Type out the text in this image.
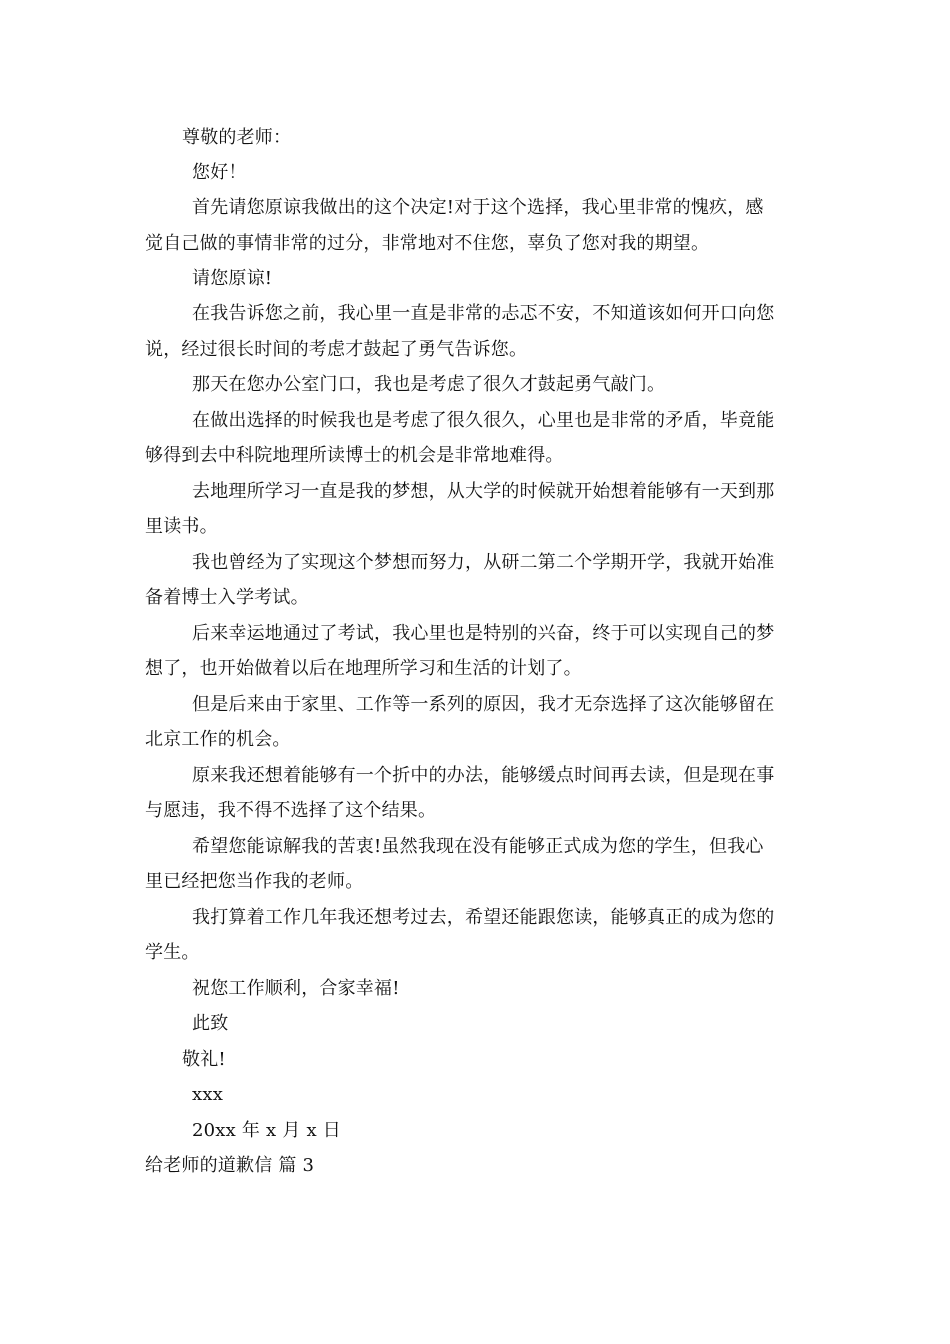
尊敬的老师：
您好！
首先请您原谅我做出的这个决定!对于这个选择，我心里非常的愧疚，感
觉自己做的事情非常的过分，非常地对不住您，辜负了您对我的期望。
请您原谅!
在我告诉您之前，我心里一直是非常的忐忑不安，不知道该如何开口向您
说，经过很长时间的考虑才鼓起了勇气告诉您。
那天在您办公室门口，我也是考虑了很久才鼓起勇气敲门。
在做出选择的时候我也是考虑了很久很久，心里也是非常的矛盾，毕竟能
够得到去中科院地理所读博士的机会是非常地难得。
去地理所学习一直是我的梦想，从大学的时候就开始想着能够有一天到那
里读书。
我也曾经为了实现这个梦想而努力，从研二第二个学期开学，我就开始准
备着博士入学考试。
后来幸运地通过了考试，我心里也是特别的兴奋，终于可以实现自己的梦
想了，也开始做着以后在地理所学习和生活的计划了。
但是后来由于家里、工作等一系列的原因，我才无奈选择了这次能够留在
北京工作的机会。
原来我还想着能够有一个折中的办法，能够缓点时间再去读，但是现在事
与愿违，我不得不选择了这个结果。
希望您能谅解我的苦衷!虽然我现在没有能够正式成为您的学生，但我心
里已经把您当作我的老师。
我打算着工作几年我还想考过去，希望还能跟您读，能够真正的成为您的
学生。
祝您工作顺利，合家幸福!
此致
敬礼!
xxx
20xx 年 x 月 x 日
给老师的道歉信 篇 3
